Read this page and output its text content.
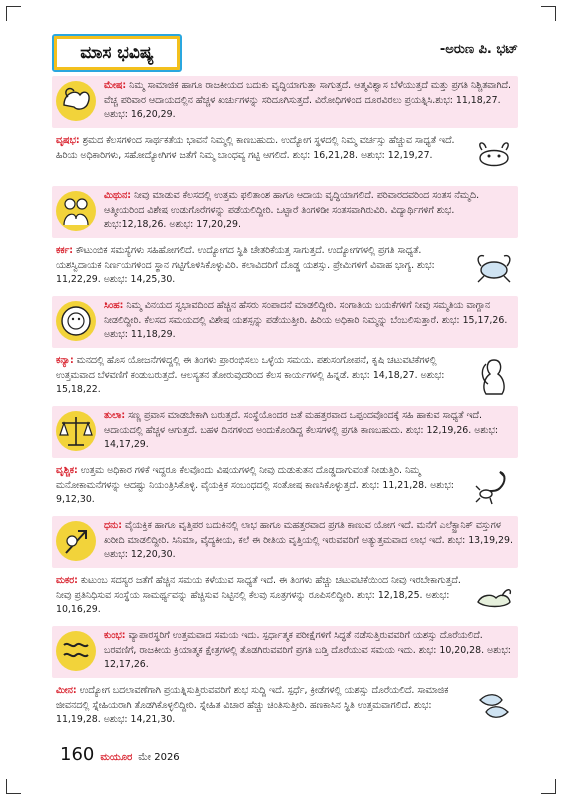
ಮಾಸ ಭವಿಷ್ಯ	-ಅರುಣ ಪಿ. ಭಟ್
ಮೇಷ: ನಿಮ್ಮ ಸಾಮಾಜಿಕ ಹಾಗೂ ರಾಜಕೀಯದ ಬದುಕು ವೃದ್ಧಿಯಾಗುತ್ತಾ ಸಾಗುತ್ತದೆ. ಆತ್ಮವಿಶ್ವಾಸ ಬೆಳೆಯುತ್ತದೆ ಮತ್ತು ಪ್ರಗತಿ ನಿಶ್ಚಿತವಾಗಿದೆ. ವೆಚ್ಚ ಪರಿವಾರ ಆದಾಯದಲ್ಲಿನ ಹೆಚ್ಚಳ ಖರ್ಚುಗಳನ್ನು ಸರಿದೂಗಿಸುತ್ತದೆ. ವಿರೋಧಿಗಳಿಂದ ದೂರವಿರಲು ಪ್ರಯತ್ನಿಸಿ.ಶುಭ: 11,18,27. ಅಶುಭ: 16,20,29.
ವೃಷಭ: ಶ್ರಮದ ಕೆಲಸಗಳಿಂದ ಸಾರ್ಥಕತೆಯ ಭಾವನೆ ನಿಮ್ಮಲ್ಲಿ ಕಾಣಬಹುದು. ಉದ್ಯೋಗ ಸ್ಥಳದಲ್ಲಿ ನಿಮ್ಮ ವರ್ಚಸ್ಸು ಹೆಚ್ಚುವ ಸಾಧ್ಯತೆ ಇದೆ. ಹಿರಿಯ ಅಧಿಕಾರಿಗಳು, ಸಹೋದ್ಯೋಗಿಗಳ ಜತೆಗೆ ನಿಮ್ಮ ಬಾಂಧವ್ಯ ಗಟ್ಟಿ ಆಗಲಿದೆ. ಶುಭ: 16,21,28. ಅಶುಭ: 12,19,27.
ಮಿಥುನ: ನೀವು ಮಾಡುವ ಕೆಲಸದಲ್ಲಿ ಉತ್ತಮ ಫಲಿತಾಂಶ ಹಾಗೂ ಆದಾಯ ವೃದ್ಧಿಯಾಗಲಿದೆ. ಪರಿವಾರದವರಿಂದ ಸಂತಸ ನೆಮ್ಮದಿ. ಆತ್ಮೀಯರಿಂದ ವಿಶೇಷ ಉಡುಗೊರೆಗಳನ್ನು ಪಡೆಯಲಿದ್ದೀರಿ. ಒಟ್ಟಾರೆ ತಿಂಗಳಿಡೀ ಸಂತಸವಾಗಿರುವಿರಿ. ವಿದ್ಯಾರ್ಥಿಗಳಿಗೆ ಶುಭ. ಶುಭ:12,18,26. ಅಶುಭ: 17,20,29.
ಕರ್ಕ: ಕೌಟುಂಬಿಕ ಸಮಸ್ಯೆಗಳು ಸಹಿಹೋಗಲಿದೆ. ಉದ್ಯೋಗದ ಸ್ಥಿತಿ ಚೇತರಿಕೆಯತ್ತ ಸಾಗುತ್ತದೆ. ಉದ್ಯೋಗಗಳಲ್ಲಿ ಪ್ರಗತಿ ಸಾಧ್ಯತೆ. ಯಶಸ್ವಿದಾಯಕ ನಿರ್ಣಯಗಳಿಂದ ಸ್ಥಾನ ಗಟ್ಟಿಗೊಳಿಸಿಕೊಳ್ಳುವಿರಿ. ಕಲಾವಿದರಿಗೆ ದೊಡ್ಡ ಯಶಸ್ಸು. ಪ್ರೇಮಿಗಳಿಗೆ ವಿವಾಹ ಭಾಗ್ಯ. ಶುಭ: 11,22,29. ಅಶುಭ: 14,25,30.
ಸಿಂಹ: ನಿಮ್ಮ ವಿನಯದ ಸ್ವಭಾವದಿಂದ ಹೆಚ್ಚಿನ ಹೆಸರು ಸಂಪಾದನೆ ಮಾಡಲಿದ್ದೀರಿ. ಸಂಗಾತಿಯ ಬಯಕೆಗಳಿಗೆ ನೀವು ಸಮ್ಮತಿಯ ವಾಗ್ದಾನ ನೀಡಲಿದ್ದೀರಿ. ಕೆಲಸದ ಸಮಯದಲ್ಲಿ ವಿಶೇಷ ಯಶಸ್ಸನ್ನು ಪಡೆಯುತ್ತೀರಿ. ಹಿರಿಯ ಅಧಿಕಾರಿ ನಿಮ್ಮನ್ನು ಬೆಂಬಲಿಸುತ್ತಾರೆ. ಶುಭ: 15,17,26. ಅಶುಭ: 11,18,29.
ಕನ್ಯಾ: ಮನದಲ್ಲಿ ಹೊಸ ಯೋಜನೆಗಳಿದ್ದಲ್ಲಿ ಈ ತಿಂಗಳು ಪ್ರಾರಂಭಿಸಲು ಒಳ್ಳೆಯ ಸಮಯ. ಪಶುಸಂಗೋಪನೆ, ಕೃಷಿ ಚಟುವಟಿಕೆಗಳಲ್ಲಿ ಉತ್ತಮವಾದ ಬೆಳವಣಿಗೆ ಕಂಡುಬರುತ್ತದೆ. ಆಲಸ್ಯತನ ತೋರುವುದರಿಂದ ಕೆಲಸ ಕಾರ್ಯಗಳಲ್ಲಿ ಹಿನ್ನಡೆ. ಶುಭ: 14,18,27. ಅಶುಭ: 15,18,22.
ತುಲಾ: ಸಣ್ಣ ಪ್ರವಾಸ ಮಾಡಬೇಕಾಗಿ ಬರುತ್ತದೆ. ಸಂಸ್ಥೆಯೊಂದರ ಜತೆ ಮಹತ್ತರವಾದ ಒಪ್ಪಂದವೊಂದಕ್ಕೆ ಸಹಿ ಹಾಕುವ ಸಾಧ್ಯತೆ ಇದೆ. ಆದಾಯದಲ್ಲಿ ಹೆಚ್ಚಳ ಆಗುತ್ತದೆ. ಬಹಳ ದಿನಗಳಿಂದ ಅಂದುಕೊಂಡಿದ್ದ ಕೆಲಸಗಳಲ್ಲಿ ಪ್ರಗತಿ ಕಾಣಬಹುದು. ಶುಭ: 12,19,26. ಅಶುಭ: 14,17,29.
ವೃಶ್ಚಿಕ: ಉತ್ತಮ ಅಧಿಕಾರ ಗಳಿಕೆ ಇದ್ದರೂ ಕೆಲವೊಂದು ವಿಷಯಗಳಲ್ಲಿ ನೀವು ದುಡುಕುತನ ದೊಡ್ಡದಾಗುವಂತೆ ನೀಡುತ್ತಿರಿ. ನಿಮ್ಮ ಮನೋಕಾಮನೆಗಳನ್ನು ಆದಷ್ಟು ನಿಯಂತ್ರಿಸಿಕೊಳ್ಳಿ. ವೈಯಕ್ತಿಕ ಸಂಬಂಧದಲ್ಲಿ ಸಂತೋಷ ಕಾಣಸಿಕೊಳ್ಳುತ್ತದೆ. ಶುಭ: 11,21,28. ಅಶುಭ: 9,12,30.
ಧನು: ವೈಯಕ್ತಿಕ ಹಾಗೂ ವೃತ್ತಿಪರ ಬದುಕಿನಲ್ಲಿ ಲಾಭ ಹಾಗೂ ಮಹತ್ತರವಾದ ಪ್ರಗತಿ ಕಾಣುವ ಯೋಗ ಇದೆ. ಮನೆಗೆ ಎಲೆಕ್ಟ್ರಾನಿಕ್ ವಸ್ತುಗಳ ಖರೀದಿ ಮಾಡಲಿದ್ದೀರಿ. ಸಿನಿಮಾ, ವೈದ್ಯಕೀಯ, ಕಲೆ ಈ ರೀತಿಯ ವೃತ್ತಿಯಲ್ಲಿ ಇರುವವರಿಗೆ ಅತ್ಯುತ್ತಮವಾದ ಲಾಭ ಇದೆ. ಶುಭ: 13,19,29. ಅಶುಭ: 12,20,30.
ಮಕರ: ಕುಟುಂಬ ಸದಸ್ಯರ ಜತೆಗೆ ಹೆಚ್ಚಿನ ಸಮಯ ಕಳೆಯುವ ಸಾಧ್ಯತೆ ಇದೆ. ಈ ತಿಂಗಳು ಹೆಚ್ಚು ಚಟುವಟಿಕೆಯಿಂದ ನೀವು ಇರಬೇಕಾಗುತ್ತದೆ. ನೀವು ಪ್ರತಿನಿಧಿಸುವ ಸಂಸ್ಥೆಯ ಸಾಮರ್ಥ್ಯವನ್ನು ಹೆಚ್ಚಿಸುವ ನಿಟ್ಟಿನಲ್ಲಿ ಕೆಲವು ಸೂತ್ರಗಳನ್ನು ರೂಪಿಸಲಿದ್ದೀರಿ. ಶುಭ: 12,18,25. ಅಶುಭ: 10,16,29.
ಕುಂಭ: ವ್ಯಾಪಾರಸ್ಥರಿಗೆ ಉತ್ತಮವಾದ ಸಮಯ ಇದು. ಸ್ಪರ್ಧಾತ್ಮಕ ಪರೀಕ್ಷೆಗಳಿಗೆ ಸಿದ್ಧತೆ ನಡೆಸುತ್ತಿರುವವರಿಗೆ ಯಶಸ್ಸು ದೊರೆಯಲಿದೆ. ಬರವಣಿಗೆ, ರಾಜಕೀಯ ಕ್ರಿಯಾತ್ಮಕ ಕ್ಷೇತ್ರಗಳಲ್ಲಿ ತೊಡಗಿರುವವರಿಗೆ ಪ್ರಗತಿ ಬಡ್ತಿ ದೊರೆಯುವ ಸಮಯ ಇದು. ಶುಭ: 10,20,28. ಅಶುಭ: 12,17,26.
ಮೀನ: ಉದ್ಯೋಗ ಬದಲಾವಣೆಗಾಗಿ ಪ್ರಯತ್ನಿಸುತ್ತಿರುವವರಿಗೆ ಶುಭ ಸುದ್ದಿ ಇದೆ. ಸ್ಪರ್ಧೆ, ಕ್ರೀಡೆಗಳಲ್ಲಿ ಯಶಸ್ಸು ದೊರೆಯಲಿದೆ. ಸಾಮಾಜಿಕ ಜೀವನದಲ್ಲಿ ಸ್ನೇಹಿಯರಾಗಿ ತೊಡಗಿಕೊಳ್ಳಲಿದ್ದೀರಿ. ಸ್ನೇಹಿತ ವಿಚಾರ ಹೆಚ್ಚು ಚಿಂತಿಸುತ್ತೀರಿ. ಹಣಕಾಸಿನ ಸ್ಥಿತಿ ಉತ್ತಮವಾಗಲಿದೆ. ಶುಭ: 11,19,28. ಅಶುಭ: 14,21,30.
160 ಮಯೂರ ಮೇ 2026
